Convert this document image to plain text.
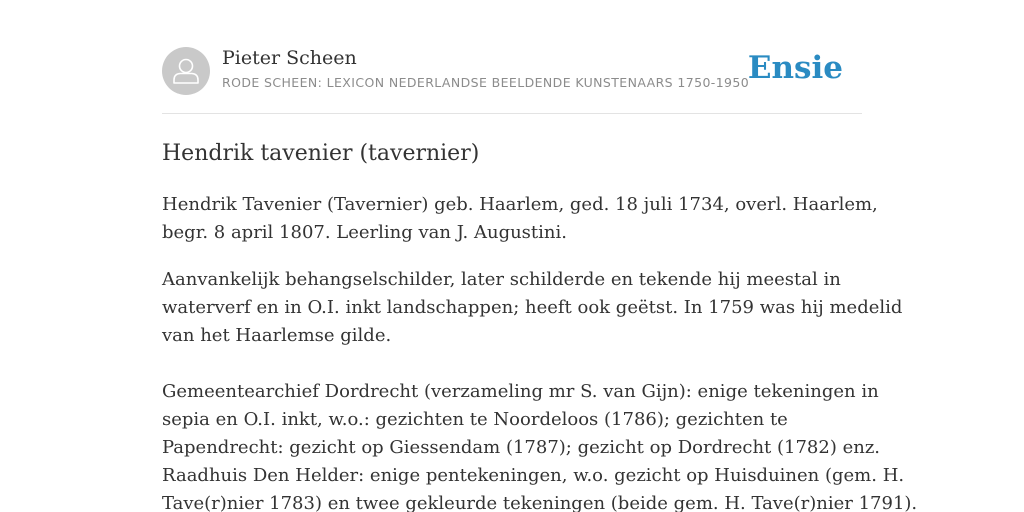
Pieter Scheen
RODE SCHEEN: LEXICON NEDERLANDSE BEELDENDE KUNSTENAARS 1750-1950
Ensie
Hendrik tavenier (tavernier)

Hendrik Tavenier (Tavernier) geb. Haarlem, ged. 18 juli 1734, overl. Haarlem,
begr. 8 april 1807. Leerling van J. Augustini.

Aanvankelijk behangselschilder, later schilderde en tekende hij meestal in
waterverf en in O.I. inkt landschappen; heeft ook geëtst. In 1759 was hij medelid
van het Haarlemse gilde.

Gemeentearchief Dordrecht (verzameling mr S. van Gijn): enige tekeningen in
sepia en O.I. inkt, w.o.: gezichten te Noordeloos (1786); gezichten te
Papendrecht: gezicht op Giessendam (1787); gezicht op Dordrecht (1782) enz.
Raadhuis Den Helder: enige pentekeningen, w.o. gezicht op Huisduinen (gem. H.
Tave(r)nier 1783) en twee gekleurde tekeningen (beide gem. H. Tave(r)nier 1791).
